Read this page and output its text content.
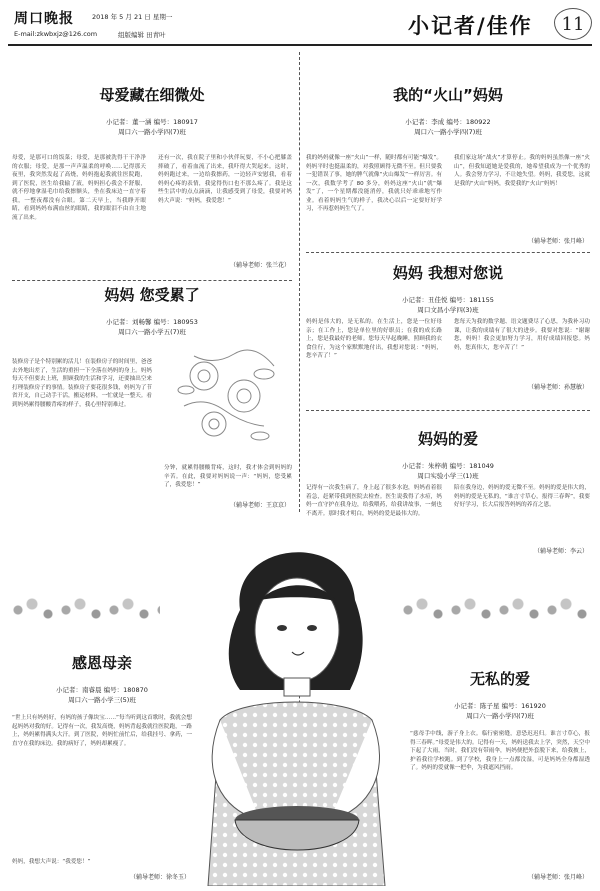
周口晚报	2018 年 5 月 21 日 星期一
E-mail:zkwbxjz@126.com	组版编辑 田青叶	小记者/佳作 11
母爱藏在细微处
小记者：董一涵 编号：180917
周口六一路小学四(7)班
母爱，是那可口的饭菜；母爱，是那被洗得干干净净的衣服；母爱，是那一声声温柔的呼唤……记得那天夜里，我突然发起了高烧，妈妈抱起我就往医院跑，到了医院，医生给我输了液，妈妈担心我会不舒服，就不停地拿湿毛巾给我擦额头，坐在我床边一直守着我，一整夜都没有合眼。第二天早上，当我睁开眼睛，看到妈妈布满血丝的眼睛，我的眼泪不由自主地流了出来。
还有一次，我在院子里和小伙伴玩耍，不小心把膝盖摔破了，看着血流了出来，我吓得大哭起来。这时，妈妈跑过来，一边给我擦药，一边轻声安慰我，看着妈妈心疼的表情，我觉得伤口也不那么疼了。我是这些生活中的点点滴滴，让我感受到了母爱，我要对妈妈大声说：“妈妈，我爱您！”
（辅导老师：张兰花）
我的“火山”妈妈
小记者：李成 编号：180922
周口六一路小学四(7)班
我的妈妈就像一座“火山”一样，随时都有可能“爆发”。妈妈平时也挺温柔的，对我照顾得无微不至。但只要我一犯错误了事，她的脾气就像“火山爆发”一样厉害。有一次，我数学考了 80 多分，妈妈这座“火山”就“爆发”了，一个星期都没能消停，我就只好乖乖地写作业。看着妈妈生气的样子，我决心以后一定要好好学习，不再惹妈妈生气了。
我们家这场“战火”才算停止。我的妈妈虽然像一座“火山”，但我知道她是爱我的，她希望我成为一个优秀的人。我会努力学习，不让她失望。妈妈，我爱您，这就是我的“火山”妈妈，我爱我的“火山”妈妈！
（辅导老师：张月峰）
妈妈 您受累了
小记者：刘畅馨 编号：180953
周口六一路小学五(7)班
装修房子是个特别累的活儿！在装修房子的时间里，爸爸去外地出差了，生活的重担一下全落在妈妈的身上。妈妈每天不但要去上班，照顾我的生活和学习，还要抽出空来打理装修房子的事情。装修房子要花很多钱，妈妈为了节省开支，自己动手干活，搬运材料，一忙就是一整天。看到妈妈累得腰酸背疼的样子，我心里特别难过。
分钟，就累得腰酸背疼，这时，我才体会到妈妈的辛苦。在此，我要对妈妈说一声：“妈妈，您受累了，我爱您！”
（辅导老师：王京京）
妈妈 我想对您说
小记者：丑佳悦 编号：181155
周口文昌小学四(3)班
妈妈是伟大的，是无私的。在生活上，您是一位好母亲；在工作上，您是单位里的好职员；在我的成长路上，您是我最好的老师。您每天早起晚睡，照顾我的衣食住行，为这个家默默地付出，我想对您说：“妈妈，您辛苦了！”
您每天为我的数学题、语文题费尽了心思，为我补习功课，让我的成绩有了很大的进步。我要对您说：“谢谢您，妈妈！我会更加努力学习，用好成绩回报您。妈妈，您真伟大，您辛苦了！”
（辅导老师：孙慧敏）
妈妈的爱
小记者：朱梓萌 编号：181049
周口实验小学三(1)班
记得有一次我生病了，身上起了很多水泡，妈妈看着很着急，赶紧带我到医院去检查。医生说我得了水痘，妈妈一直守护在我身边，给我喂药，给我讲故事，一刻也不离开。那时我才明白，妈妈的爱是最伟大的。
陪在我身边，妈妈的爱无微不至。妈妈的爱是伟大的，妈妈的爱是无私的，“谁言寸草心，报得三春晖”，我要好好学习，长大后报答妈妈的养育之恩。
（辅导老师：李云）
感恩母亲
小记者：南睿晨 编号：180870
周口六一路小学三(5)班
“世上只有妈妈好，有妈的孩子像块宝……”每当听到这首歌时，我就会想起妈妈对我的好。记得有一次，我发高烧，妈妈背起我就往医院跑，一路上，妈妈累得满头大汗。到了医院，妈妈忙前忙后，给我挂号、拿药，一直守在我的床边。我的病好了，妈妈却累瘦了。
妈妈，我想大声说：“我爱您！”
（辅导老师：徐冬玉）
无私的爱
小记者：陈子星 编号：161920
周口六一路小学四(7)班
“慈母手中线，游子身上衣。临行密密缝，意恐迟迟归。谁言寸草心，报得三春晖。”母爱是伟大的。记得有一天，妈妈送我去上学，突然，天空中下起了大雨，当时，我们没有带雨伞，妈妈便把外套脱下来，给我披上，护着我往学校跑。到了学校，我身上一点都没湿，可是妈妈全身都湿透了。妈妈的爱就像一把伞，为我遮风挡雨。
（辅导老师：张月峰）
